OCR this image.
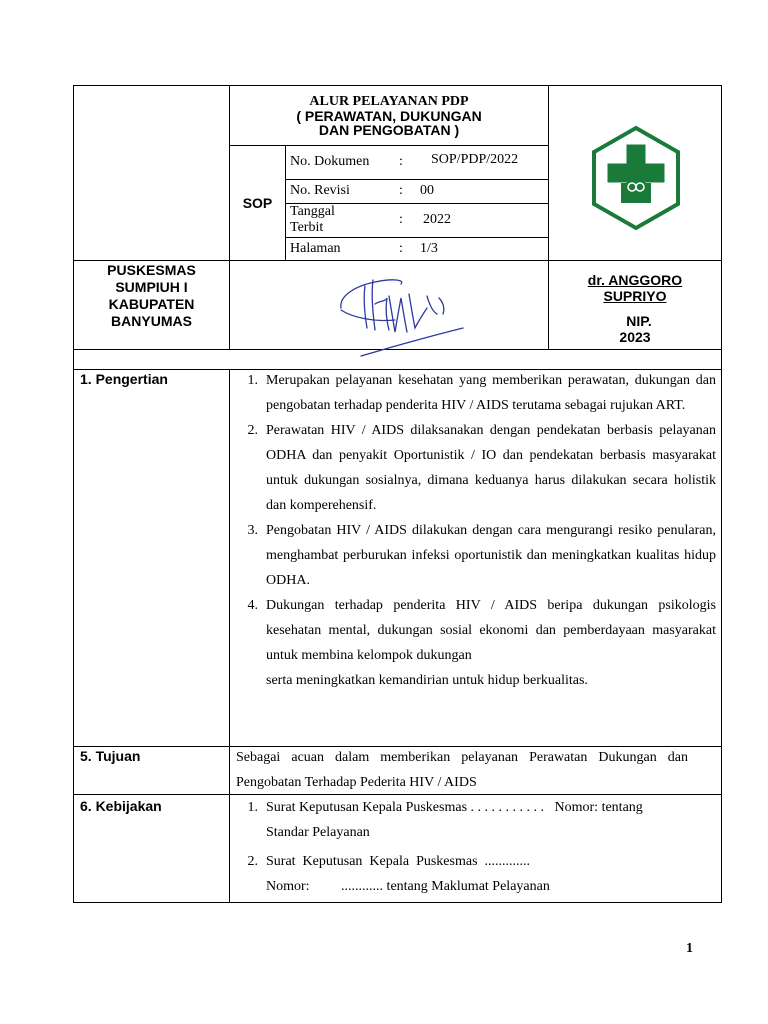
ALUR PELAYANAN PDP
( PERAWATAN, DUKUNGAN
DAN PENGOBATAN )
SOP
No. Dokumen : SOP/PDP/2022
No. Revisi	: 00
Tanggal Terbit
: 2022
Halaman	: 1/3
PUSKESMAS
SUMPIUH I
KABUPATEN
BANYUMAS
dr. ANGGORO
SUPRIYO
NIP.
2023
1. Pengertian	1. Merupakan pelayanan kesehatan yang memberikan perawatan, dukungan dan pengobatan terhadap penderita HIV / AIDS terutama sebagai rujukan ART.
2. Perawatan HIV / AIDS dilaksanakan dengan pendekatan berbasis pelayanan ODHA dan penyakit Oportunistik / IO dan pendekatan berbasis masyarakat untuk dukungan sosialnya, dimana keduanya harus dilakukan secara holistik dan komperehensif.
3. Pengobatan HIV / AIDS dilakukan dengan cara mengurangi resiko penularan, menghambat perburukan infeksi oportunistik dan meningkatkan kualitas hidup ODHA.
4. Dukungan terhadap penderita HIV / AIDS beripa dukungan psikologis kesehatan mental, dukungan sosial ekonomi dan pemberdayaan masyarakat untuk membina kelompok dukungan
serta meningkatkan kemandirian untuk hidup berkualitas.
5. Tujuan	Sebagai acuan dalam memberikan pelayanan Perawatan Dukungan dan Pengobatan Terhadap Pederita HIV / AIDS
6. Kebijakan	1. Surat Keputusan Kepala Puskesmas . . . . . . . . . . .   Nomor: tentang
Standar Pelayanan
2. Surat  Keputusan  Kepala  Puskesmas  .............
Nomor:         ............ tentang Maklumat Pelayanan
1
